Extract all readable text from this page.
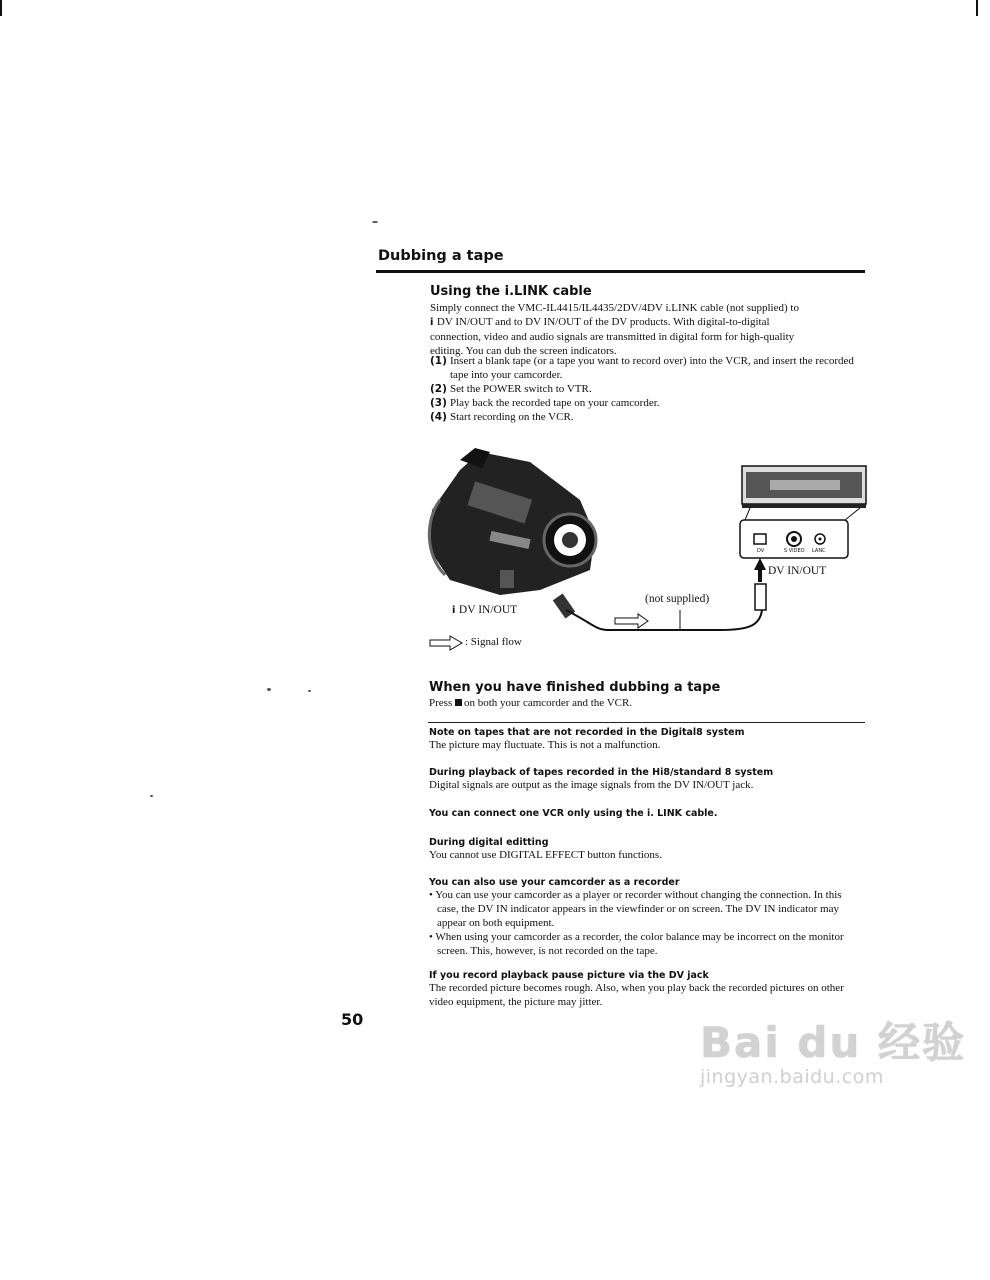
Dubbing a tape
Using the i.LINK cable
Simply connect the VMC-IL4415/IL4435/2DV/4DV i.LINK cable (not supplied) to
i DV IN/OUT and to DV IN/OUT of the DV products. With digital-to-digital
connection, video and audio signals are transmitted in digital form for high-quality
editing. You can dub the screen indicators.
(1) Insert a blank tape (or a tape you want to record over) into the VCR, and insert the recorded tape into your camcorder.
(2) Set the POWER switch to VTR.
(3) Play back the recorded tape on your camcorder.
(4) Start recording on the VCR.
i DV IN/OUT
DV IN/OUT
(not supplied)
DV	S VIDEO LANC
: Signal flow
When you have finished dubbing a tape
Press on both your camcorder and the VCR.
Note on tapes that are not recorded in the Digital8 system
The picture may fluctuate. This is not a malfunction.
During playback of tapes recorded in the Hi8/standard 8 system
Digital signals are output as the image signals from the DV IN/OUT jack.
You can connect one VCR only using the i. LINK cable.
During digital editting
You cannot use DIGITAL EFFECT button functions.
You can also use your camcorder as a recorder
• You can use your camcorder as a player or recorder without changing the connection. In this case, the DV IN indicator appears in the viewfinder or on screen. The DV IN indicator may appear on both equipment.
• When using your camcorder as a recorder, the color balance may be incorrect on the monitor screen. This, however, is not recorded on the tape.
If you record playback pause picture via the DV jack
The recorded picture becomes rough. Also, when you play back the recorded pictures on other video equipment, the picture may jitter.
50	Bai du 经验
jingyan.baidu.com
